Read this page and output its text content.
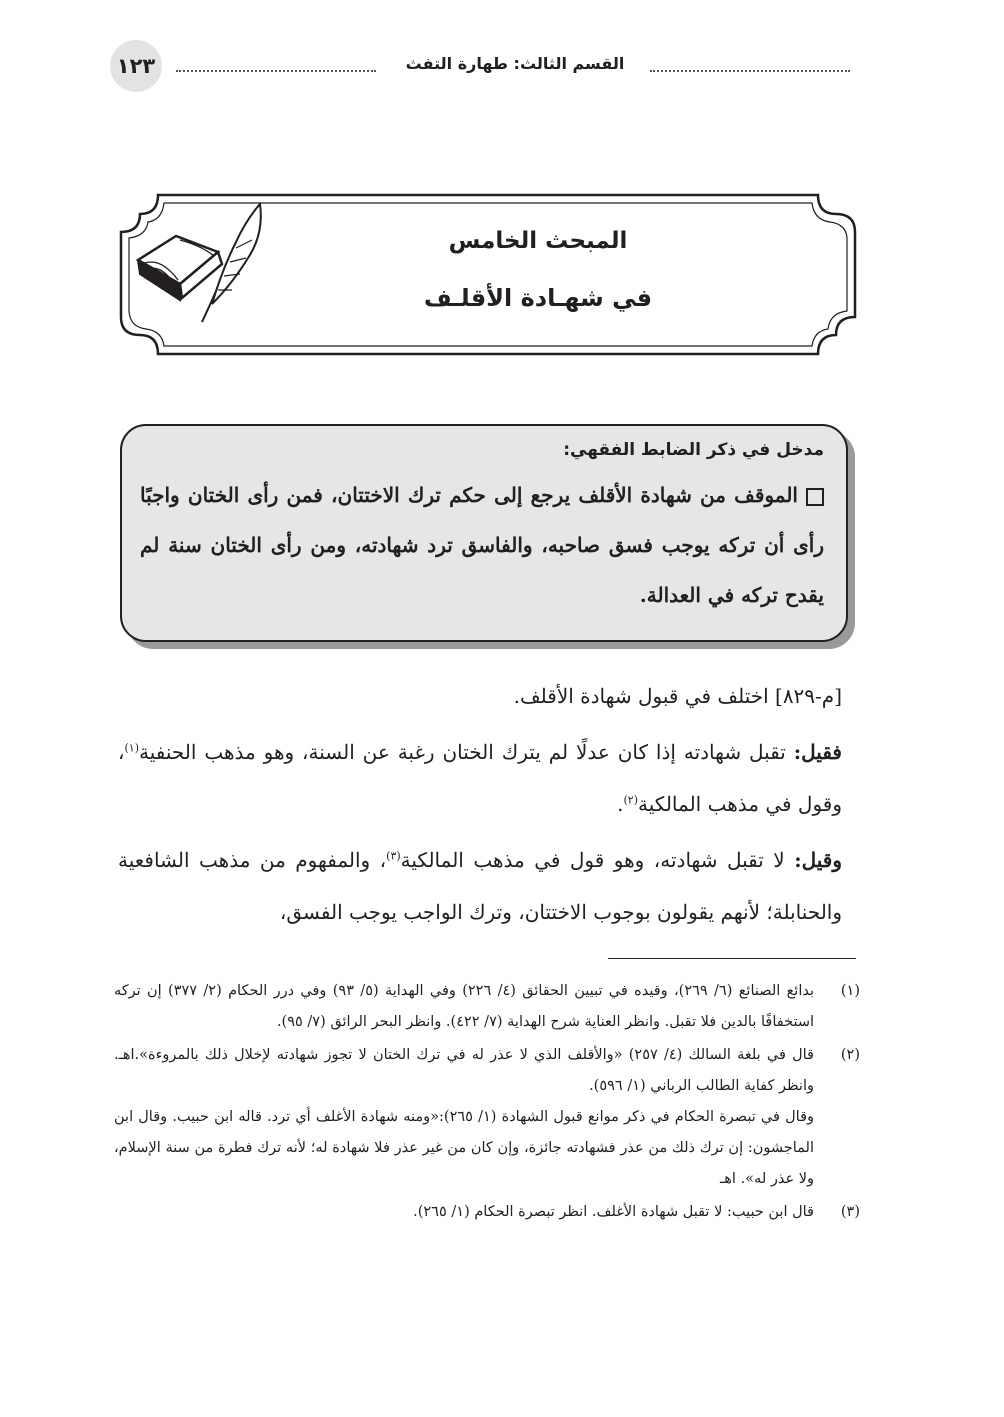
١٢٣	القسم الثالث: طهارة التفث
المبحث الخامس
في شهـادة الأقلـف
مدخل في ذكر الضابط الفقهي:
الموقف من شهادة الأقلف يرجع إلى حكم ترك الاختتان، فمن رأى الختان واجبًا رأى أن تركه يوجب فسق صاحبه، والفاسق ترد شهادته، ومن رأى الختان سنة لم يقدح تركه في العدالة.

[م-٨٢٩] اختلف في قبول شهادة الأقلف.

فقيل: تقبل شهادته إذا كان عدلًا لم يترك الختان رغبة عن السنة، وهو مذهب الحنفية$^{(١)}$، وقول في مذهب المالكية$^{(٢)}$.

وقيل: لا تقبل شهادته، وهو قول في مذهب المالكية$^{(٣)}$، والمفهوم من مذهب الشافعية والحنابلة؛ لأنهم يقولون بوجوب الاختتان، وترك الواجب يوجب الفسق،

(١)

بدائع الصنائع (٦/ ٢٦٩)، وقيده في تبيين الحقائق (٤/ ٢٢٦) وفي الهداية (٥/ ٩٣) وفي درر الحكام (٢/ ٣٧٧) إن تركه استخفافًا بالدين فلا تقبل. وانظر العناية شرح الهداية (٧/ ٤٢٢). وانظر البحر الرائق (٧/ ٩٥).

(٢)

قال في بلغة السالك (٤/ ٢٥٧) «والأقلف الذي لا عذر له في ترك الختان لا تجوز شهادته لإخلال ذلك بالمروءة».اهـ. وانظر كفاية الطالب الرباني (١/ ٥٩٦).

وقال في تبصرة الحكام في ذكر موانع قبول الشهادة (١/ ٢٦٥):«ومنه شهادة الأغلف أي ترد. قاله ابن حبيب. وقال ابن الماجشون: إن ترك ذلك من عذر فشهادته جائزة، وإن كان من غير عذر فلا شهادة له؛ لأنه ترك فطرة من سنة الإسلام، ولا عذر له». اهـ

(٣)

قال ابن حبيب: لا تقبل شهادة الأغلف. انظر تبصرة الحكام (١/ ٢٦٥).
